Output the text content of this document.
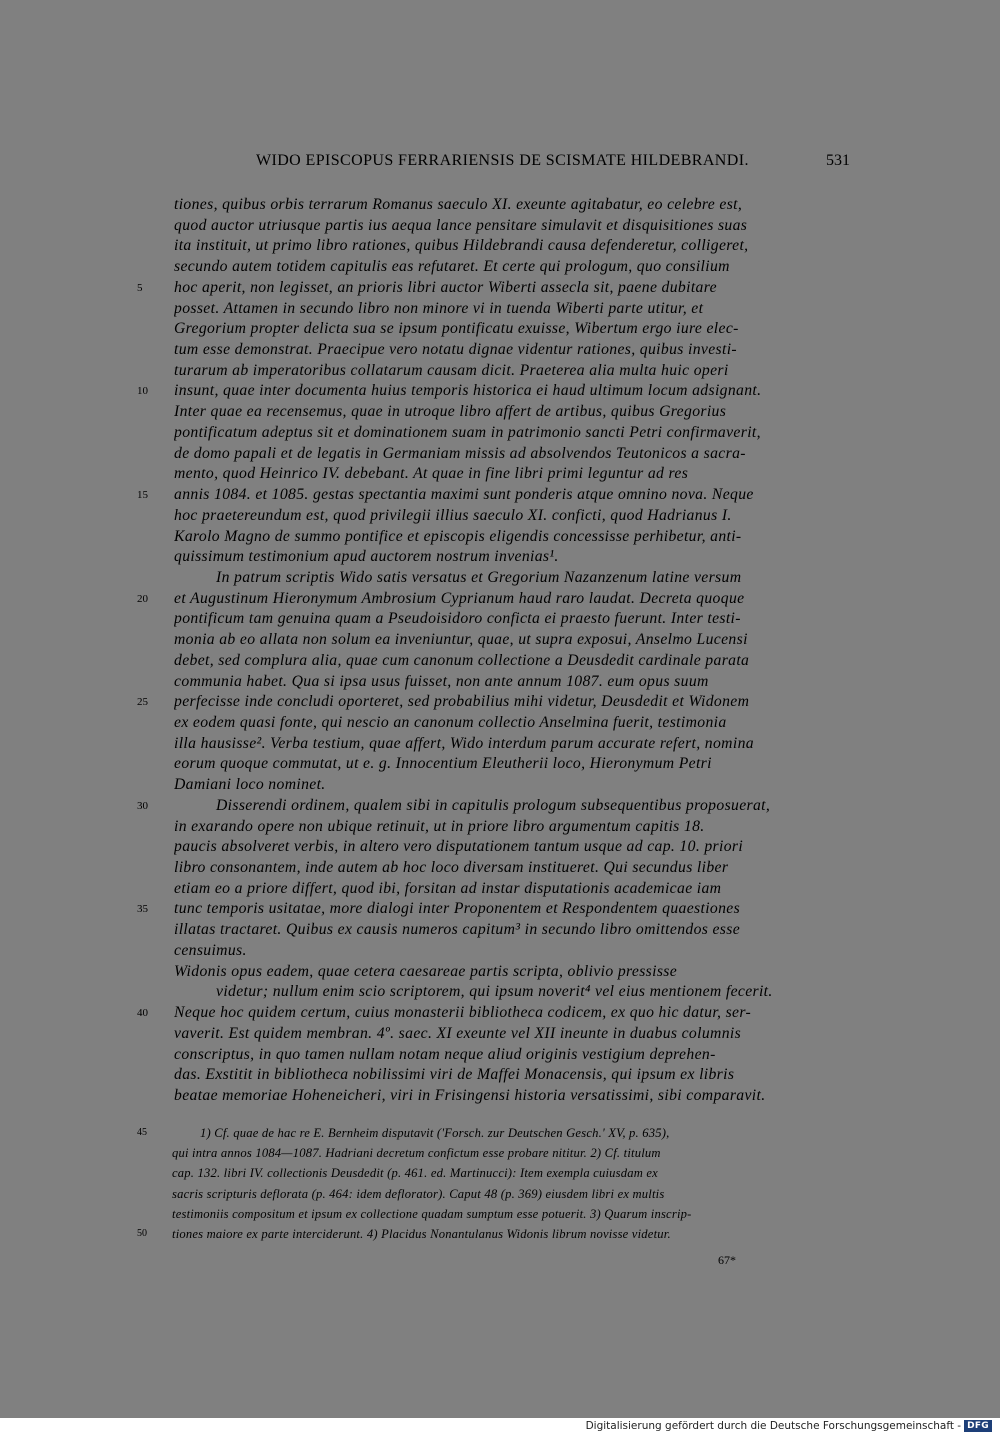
WIDO EPISCOPUS FERRARIENSIS DE SCISMATE HILDEBRANDI.	531
tiones, quibus orbis terrarum Romanus saeculo XI. exeunte agitabatur, eo celebre est,
quod auctor utriusque partis ius aequa lance pensitare simulavit et disquisitiones suas
ita instituit, ut primo libro rationes, quibus Hildebrandi causa defenderetur, colligeret,
secundo autem totidem capitulis eas refutaret. Et certe qui prologum, quo consilium
hoc aperit, non legisset, an prioris libri auctor Wiberti assecla sit, paene dubitare
posset. Attamen in secundo libro non minore vi in tuenda Wiberti parte utitur, et
Gregorium propter delicta sua se ipsum pontificatu exuisse, Wibertum ergo iure elec-
tum esse demonstrat. Praecipue vero notatu dignae videntur rationes, quibus investi-
turarum ab imperatoribus collatarum causam dicit. Praeterea alia multa huic operi
insunt, quae inter documenta huius temporis historica ei haud ultimum locum adsignant.
Inter quae ea recensemus, quae in utroque libro affert de artibus, quibus Gregorius
pontificatum adeptus sit et dominationem suam in patrimonio sancti Petri confirmaverit,
de domo papali et de legatis in Germaniam missis ad absolvendos Teutonicos a sacra-
mento, quod Heinrico IV. debebant. At quae in fine libri primi leguntur ad res
annis 1084. et 1085. gestas spectantia maximi sunt ponderis atque omnino nova. Neque
hoc praetereundum est, quod privilegii illius saeculo XI. conficti, quod Hadrianus I.
Karolo Magno de summo pontifice et episcopis eligendis concessisse perhibetur, anti-
quissimum testimonium apud auctorem nostrum invenias¹.
In patrum scriptis Wido satis versatus et Gregorium Nazanzenum latine versum
et Augustinum Hieronymum Ambrosium Cyprianum haud raro laudat. Decreta quoque
pontificum tam genuina quam a Pseudoisidoro conficta ei praesto fuerunt. Inter testi-
monia ab eo allata non solum ea inveniuntur, quae, ut supra exposui, Anselmo Lucensi
debet, sed complura alia, quae cum canonum collectione a Deusdedit cardinale parata
communia habet. Qua si ipsa usus fuisset, non ante annum 1087. eum opus suum
perfecisse inde concludi oporteret, sed probabilius mihi videtur, Deusdedit et Widonem
ex eodem quasi fonte, qui nescio an canonum collectio Anselmina fuerit, testimonia
illa hausisse². Verba testium, quae affert, Wido interdum parum accurate refert, nomina
eorum quoque commutat, ut e. g. Innocentium Eleutherii loco, Hieronymum Petri
Damiani loco nominet.
Disserendi ordinem, qualem sibi in capitulis prologum subsequentibus proposuerat,
in exarando opere non ubique retinuit, ut in priore libro argumentum capitis 18.
paucis absolveret verbis, in altero vero disputationem tantum usque ad cap. 10. priori
libro consonantem, inde autem ab hoc loco diversam institueret. Qui secundus liber
etiam eo a priore differt, quod ibi, forsitan ad instar disputationis academicae iam
tunc temporis usitatae, more dialogi inter Proponentem et Respondentem quaestiones
illatas tractaret. Quibus ex causis numeros capitum³ in secundo libro omittendos esse
censuimus.
Widonis opus eadem, quae cetera caesareae partis scripta, oblivio pressisse
videtur; nullum enim scio scriptorem, qui ipsum noverit⁴ vel eius mentionem fecerit.
Neque hoc quidem certum, cuius monasterii bibliotheca codicem, ex quo hic datur, ser-
vaverit. Est quidem membran. 4º. saec. XI exeunte vel XII ineunte in duabus columnis
conscriptus, in quo tamen nullam notam neque aliud originis vestigium deprehen-
das. Exstitit in bibliotheca nobilissimi viri de Maffei Monacensis, qui ipsum ex libris
beatae memoriae Hoheneicheri, viri in Frisingensi historia versatissimi, sibi comparavit.
5
10
15
20
25
30
35
40
1) Cf. quae de hac re E. Bernheim disputavit ('Forsch. zur Deutschen Gesch.' XV, p. 635),
qui intra annos 1084—1087. Hadriani decretum confictum esse probare nititur. 2) Cf. titulum
cap. 132. libri IV. collectionis Deusdedit (p. 461. ed. Martinucci): Item exempla cuiusdam ex
sacris scripturis deflorata (p. 464: idem deflorator). Caput 48 (p. 369) eiusdem libri ex multis
testimoniis compositum et ipsum ex collectione quadam sumptum esse potuerit. 3) Quarum inscrip-
tiones maiore ex parte interciderunt. 4) Placidus Nonantulanus Widonis librum novisse videtur.
45
50
67*
Digitalisierung gefördert durch die Deutsche Forschungsgemeinschaft - DFG
